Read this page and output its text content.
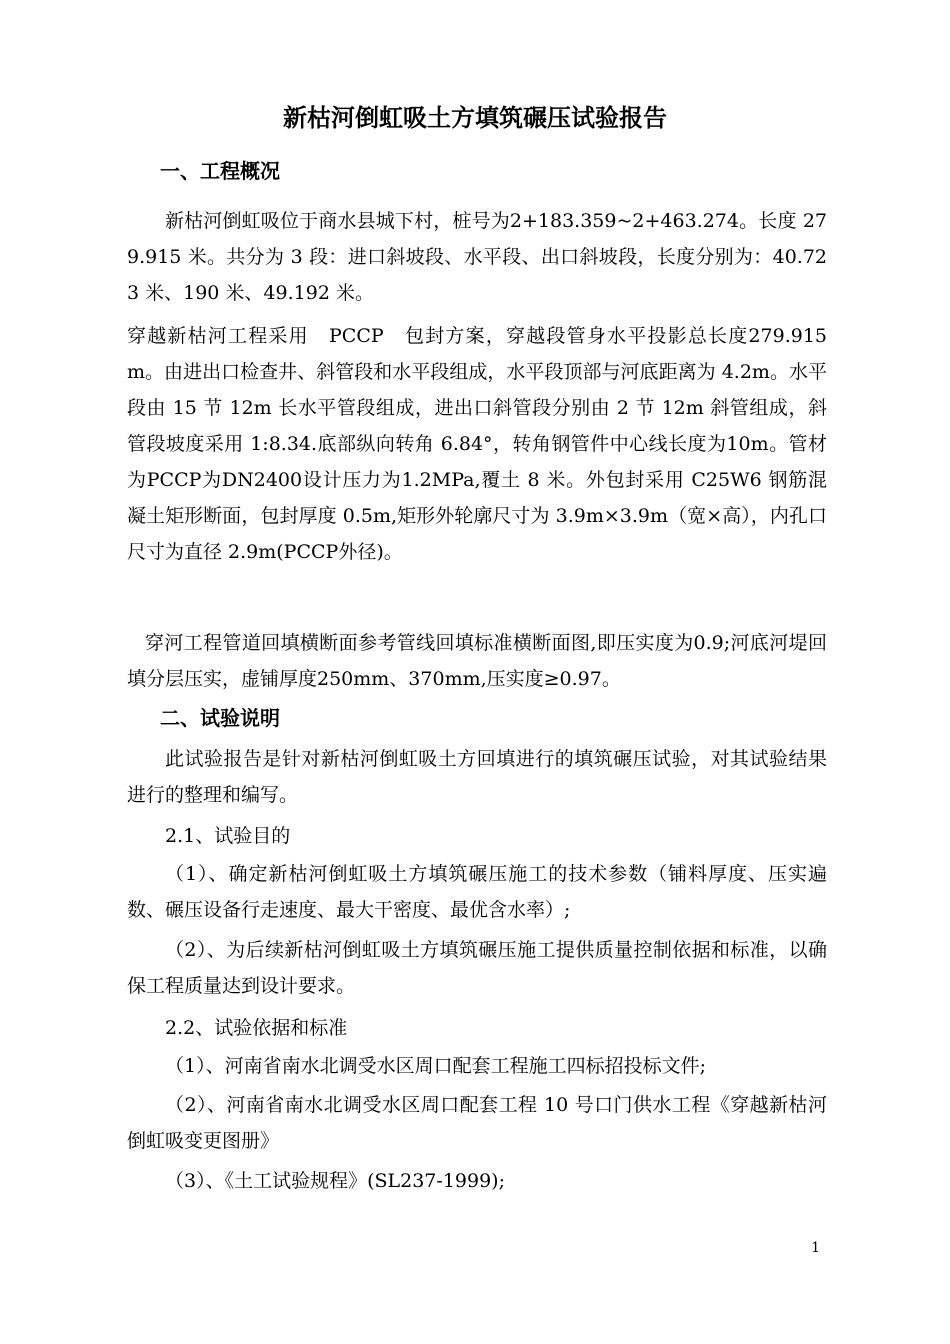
新枯河倒虹吸土方填筑碾压试验报告
一、工程概况

新枯河倒虹吸位于商水县城下村，桩号为2+183.359~2+463.274。长度 279.915 米。共分为 3 段：进口斜坡段、水平段、出口斜坡段，长度分别为：40.723 米、190 米、49.192 米。

穿越新枯河工程采用　PCCP　包封方案，穿越段管身水平投影总长度279.915m。由进出口检查井、斜管段和水平段组成，水平段顶部与河底距离为 4.2m。水平段由 15 节 12m 长水平管段组成，进出口斜管段分别由 2 节 12m 斜管组成，斜管段坡度采用 1:8.34.底部纵向转角 6.84°，转角钢管件中心线长度为10m。管材为PCCP为DN2400设计压力为1.2MPa,覆土 8 米。外包封采用 C25W6 钢筋混凝土矩形断面，包封厚度 0.5m,矩形外轮廓尺寸为 3.9m×3.9m（宽×高），内孔口尺寸为直径 2.9m(PCCP外径)。

穿河工程管道回填横断面参考管线回填标准横断面图,即压实度为0.9;河底河堤回填分层压实，虚铺厚度250mm、370mm,压实度≥0.97。

二、试验说明

此试验报告是针对新枯河倒虹吸土方回填进行的填筑碾压试验，对其试验结果进行的整理和编写。

2.1、试验目的

（1）、确定新枯河倒虹吸土方填筑碾压施工的技术参数（铺料厚度、压实遍数、碾压设备行走速度、最大干密度、最优含水率）;

（2）、为后续新枯河倒虹吸土方填筑碾压施工提供质量控制依据和标准，以确保工程质量达到设计要求。

2.2、试验依据和标准

（1）、河南省南水北调受水区周口配套工程施工四标招投标文件;

（2）、河南省南水北调受水区周口配套工程 10 号口门供水工程《穿越新枯河倒虹吸变更图册》

（3）、《土工试验规程》(SL237-1999);

1
